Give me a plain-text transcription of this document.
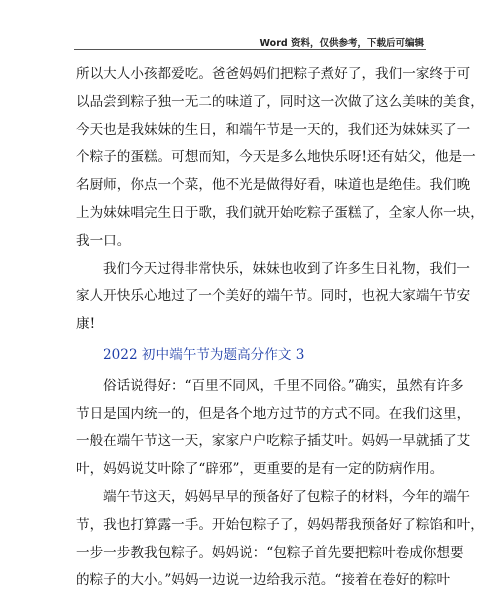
Word 资料，仅供参考，下载后可编辑
所以大人小孩都爱吃。爸爸妈妈们把粽子煮好了，我们一家终于可
以品尝到粽子独一无二的味道了，同时这一次做了这么美味的美食，
今天也是我妹妹的生日，和端午节是一天的，我们还为妹妹买了一
个粽子的蛋糕。可想而知，今天是多么地快乐呀!还有姑父，他是一
名厨师，你点一个菜，他不光是做得好看，味道也是绝佳。我们晚
上为妹妹唱完生日于歌，我们就开始吃粽子蛋糕了，全家人你一块，
我一口。
我们今天过得非常快乐，妹妹也收到了许多生日礼物，我们一
家人开快乐心地过了一个美好的端午节。同时，也祝大家端午节安
康!
2022 初中端午节为题高分作文 3
俗话说得好：“百里不同风，千里不同俗。”确实，虽然有许多
节日是国内统一的，但是各个地方过节的方式不同。在我们这里，
一般在端午节这一天，家家户户吃粽子插艾叶。妈妈一早就插了艾
叶，妈妈说艾叶除了“辟邪”，更重要的是有一定的防病作用。
端午节这天，妈妈早早的预备好了包粽子的材料，今年的端午
节，我也打算露一手。开始包粽子了，妈妈帮我预备好了粽馅和叶，
一步一步教我包粽子。妈妈说：“包粽子首先要把粽叶卷成你想要
的粽子的大小。”妈妈一边说一边给我示范。“接着在卷好的粽叶
